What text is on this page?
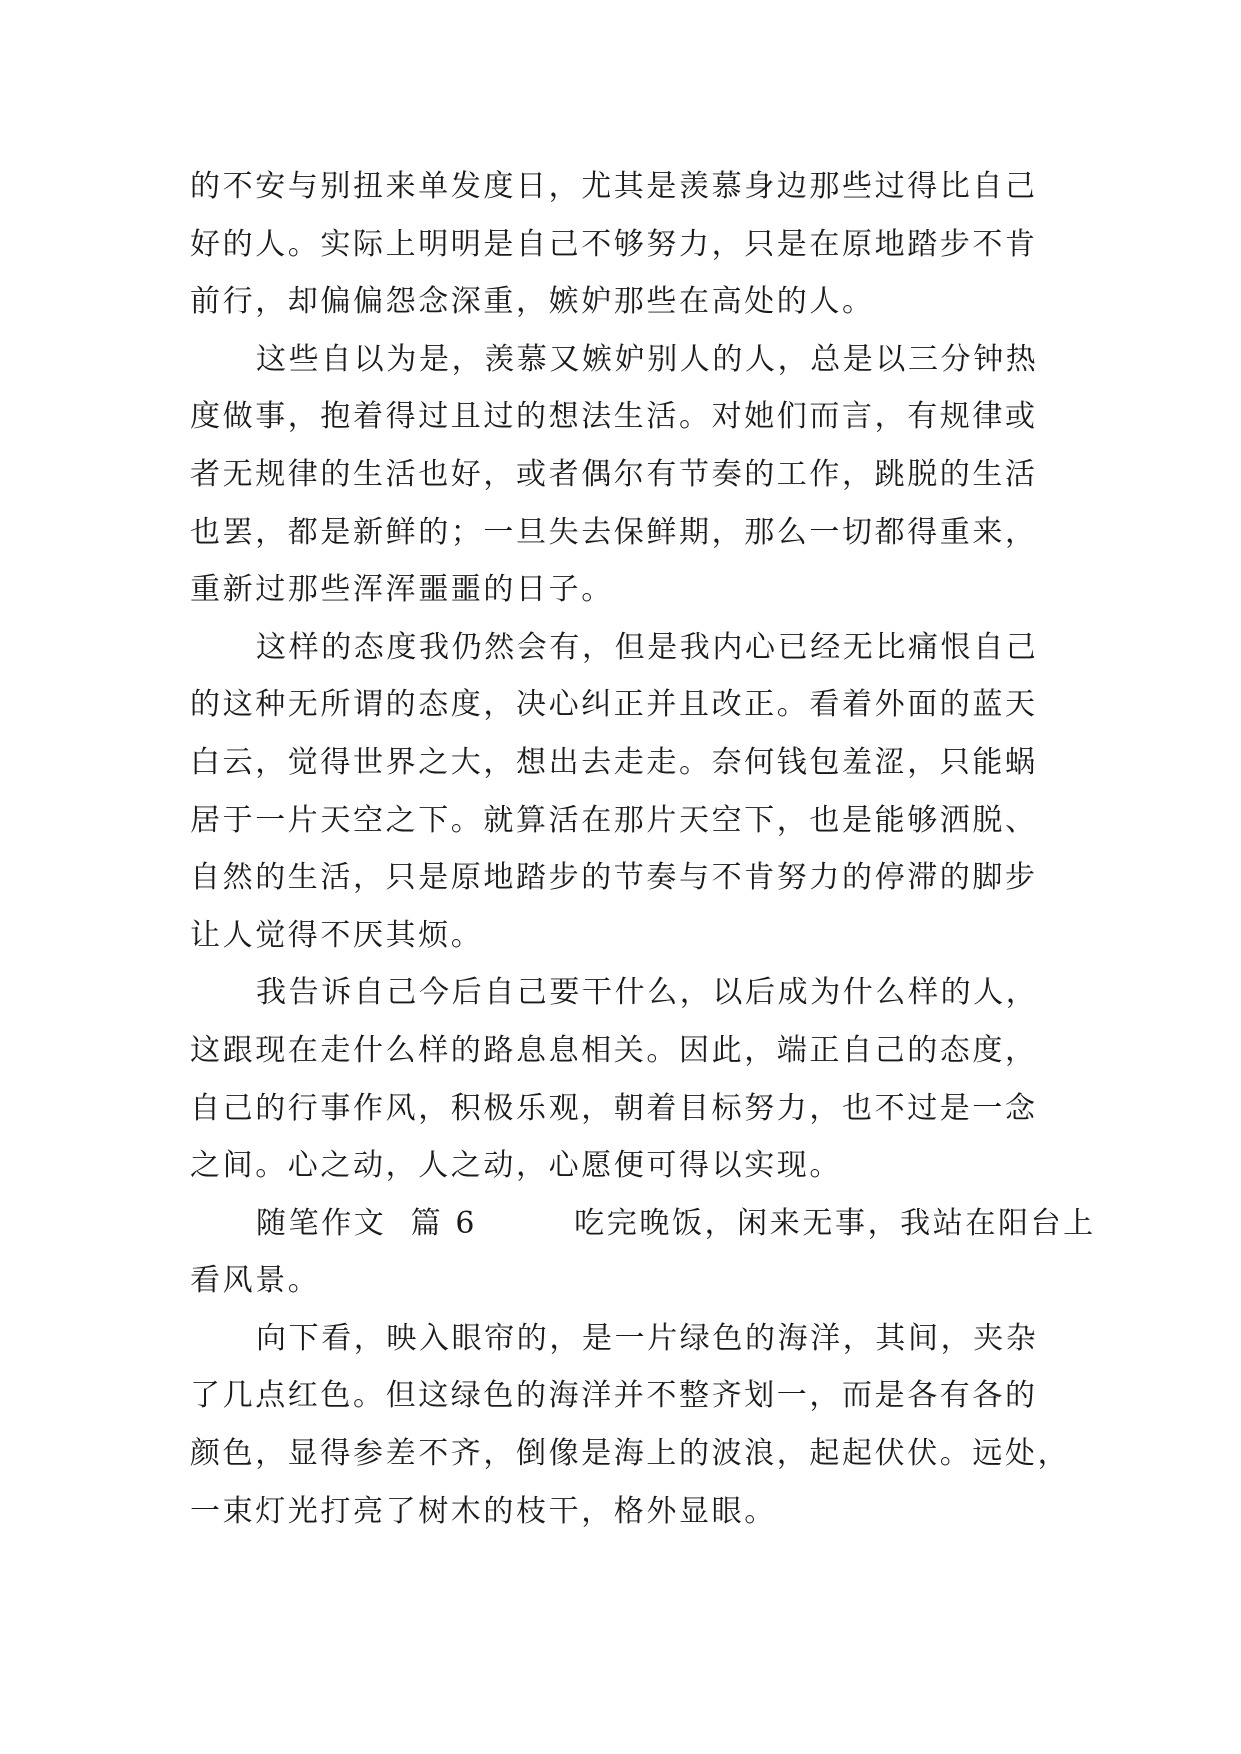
的不安与别扭来单发度日，尤其是羡慕身边那些过得比自己
好的人。实际上明明是自己不够努力，只是在原地踏步不肯
前行，却偏偏怨念深重，嫉妒那些在高处的人。
这些自以为是，羡慕又嫉妒别人的人，总是以三分钟热
度做事，抱着得过且过的想法生活。对她们而言，有规律或
者无规律的生活也好，或者偶尔有节奏的工作，跳脱的生活
也罢，都是新鲜的；一旦失去保鲜期，那么一切都得重来，
重新过那些浑浑噩噩的日子。
这样的态度我仍然会有，但是我内心已经无比痛恨自己
的这种无所谓的态度，决心纠正并且改正。看着外面的蓝天
白云，觉得世界之大，想出去走走。奈何钱包羞涩，只能蜗
居于一片天空之下。就算活在那片天空下，也是能够洒脱、
自然的生活，只是原地踏步的节奏与不肯努力的停滞的脚步
让人觉得不厌其烦。
我告诉自己今后自己要干什么，以后成为什么样的人，
这跟现在走什么样的路息息相关。因此，端正自己的态度，
自己的行事作风，积极乐观，朝着目标努力，也不过是一念
之间。心之动，人之动，心愿便可得以实现。
随笔作文  篇 6        吃完晚饭，闲来无事，我站在阳台上
看风景。
向下看，映入眼帘的，是一片绿色的海洋，其间，夹杂
了几点红色。但这绿色的海洋并不整齐划一，而是各有各的
颜色，显得参差不齐，倒像是海上的波浪，起起伏伏。远处，
一束灯光打亮了树木的枝干，格外显眼。
